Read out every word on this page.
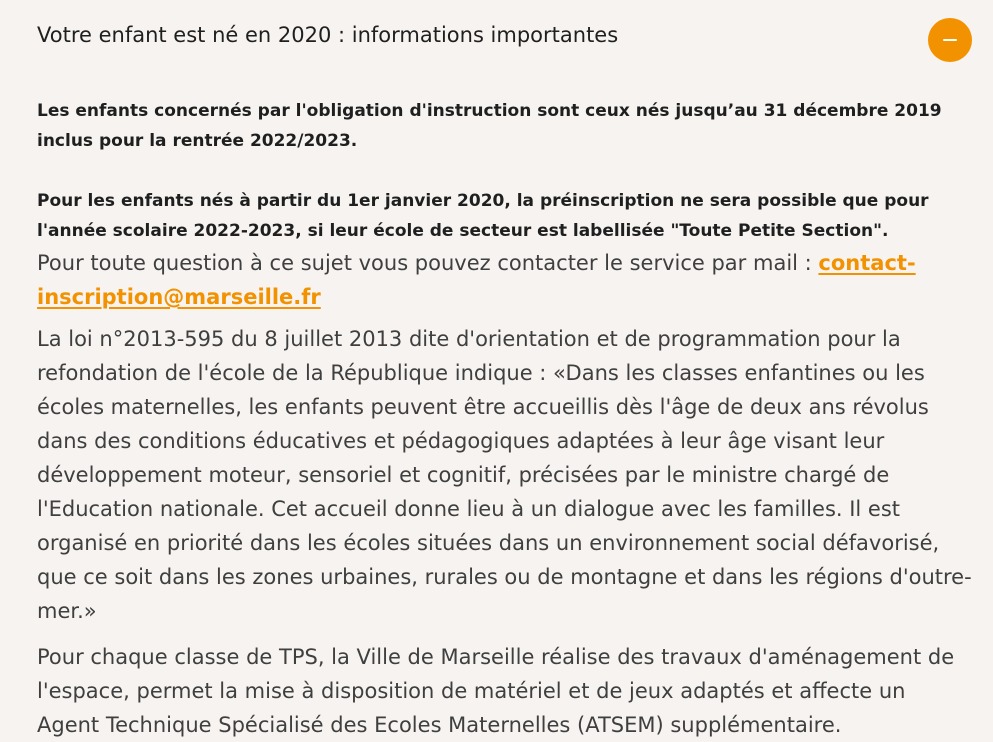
Votre enfant est né en 2020 : informations importantes

Les enfants concernés par l'obligation d'instruction sont ceux nés jusqu’au 31 décembre 2019 inclus pour la rentrée 2022/2023.

Pour les enfants nés à partir du 1er janvier 2020, la préinscription ne sera possible que pour l'année scolaire 2022-2023, si leur école de secteur est labellisée "Toute Petite Section".

Pour toute question à ce sujet vous pouvez contacter le service par mail : contact-inscription@marseille.fr

La loi n°2013-595 du 8 juillet 2013 dite d'orientation et de programmation pour la refondation de l'école de la République indique : «Dans les classes enfantines ou les écoles maternelles, les enfants peuvent être accueillis dès l'âge de deux ans révolus dans des conditions éducatives et pédagogiques adaptées à leur âge visant leur développement moteur, sensoriel et cognitif, précisées par le ministre chargé de l'Education nationale. Cet accueil donne lieu à un dialogue avec les familles. Il est organisé en priorité dans les écoles situées dans un environnement social défavorisé, que ce soit dans les zones urbaines, rurales ou de montagne et dans les régions d'outre-mer.»

Pour chaque classe de TPS, la Ville de Marseille réalise des travaux d'aménagement de l'espace, permet la mise à disposition de matériel et de jeux adaptés et affecte un Agent Technique Spécialisé des Ecoles Maternelles (ATSEM) supplémentaire.
